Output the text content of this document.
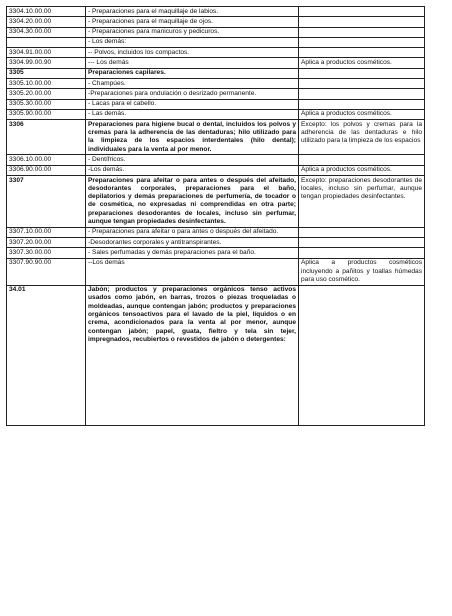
3304.10.00.00	- Preparaciones para el maquillaje de labios.	
3304.20.00.00	- Preparaciones para el maquillaje de ojos.	
3304.30.00.00	- Preparaciones para manicuros y pedicuros.	
	- Los demás:	
3304.91.00.00	-- Polvos, incluidos los compactos.	
3304.99.00.90	--- Los demás	Aplica a productos cosméticos.
3305	Preparaciones capilares.	
3305.10.00.00	- Champúes.	
3305.20.00.00	-Preparaciones para ondulación o desrizado permanente.	
3305.30.00.00	- Lacas para el cabello.	
3305.90.00.00	- Las demás.	Aplica a productos cosméticos.
3306	Preparaciones para higiene bucal o dental, incluidos los polvos y cremas para la adherencia de las dentaduras; hilo utilizado para la limpieza de los espacios interdentales (hilo dental); individuales para la venta al por menor.	Excepto: los polvos y cremas para la adherencia de las dentaduras e hilo utilizado para la limpieza de los espacios
3306.10.00.00	- Dentífricos.	
3306.90.00.00	-Los demás.	Aplica a productos cosméticos.
3307	Preparaciones para afeitar o para antes o después del afeitado, desodorantes corporales, preparaciones para el baño, depilatorios y demás preparaciones de perfumería, de tocador o de cosmética, no expresadas ni comprendidas en otra parte; preparaciones desodorantes de locales, incluso sin perfumar, aunque tengan propiedades desinfectantes.	Excepto: preparaciones desodorantes de locales, incluso sin perfumar, aunque tengan propiedades desinfectantes.
3307.10.00.00	- Preparaciones para afeitar o para antes o después del afeitado.	
3307.20.00.00	-Desodorantes corporales y antitranspirantes.	
3307.30.00.00	- Sales perfumadas y demás preparaciones para el baño.	
3307.90.90.00	--Los demás	Aplica a productos cosméticos incluyendo a pañitos y toallas húmedas para uso cosmético.
34.01	Jabón; productos y preparaciones orgánicos tenso activos usados como jabón, en barras, trozos o piezas troqueladas o moldeadas, aunque contengan jabón; productos y preparaciones orgánicos tensoactivos para el lavado de la piel, líquidos o en crema, acondicionados para la venta al por menor, aunque contengan jabón; papel, guata, fieltro y tela sin tejer, impregnados, recubiertos o revestidos de jabón o detergentes:	
